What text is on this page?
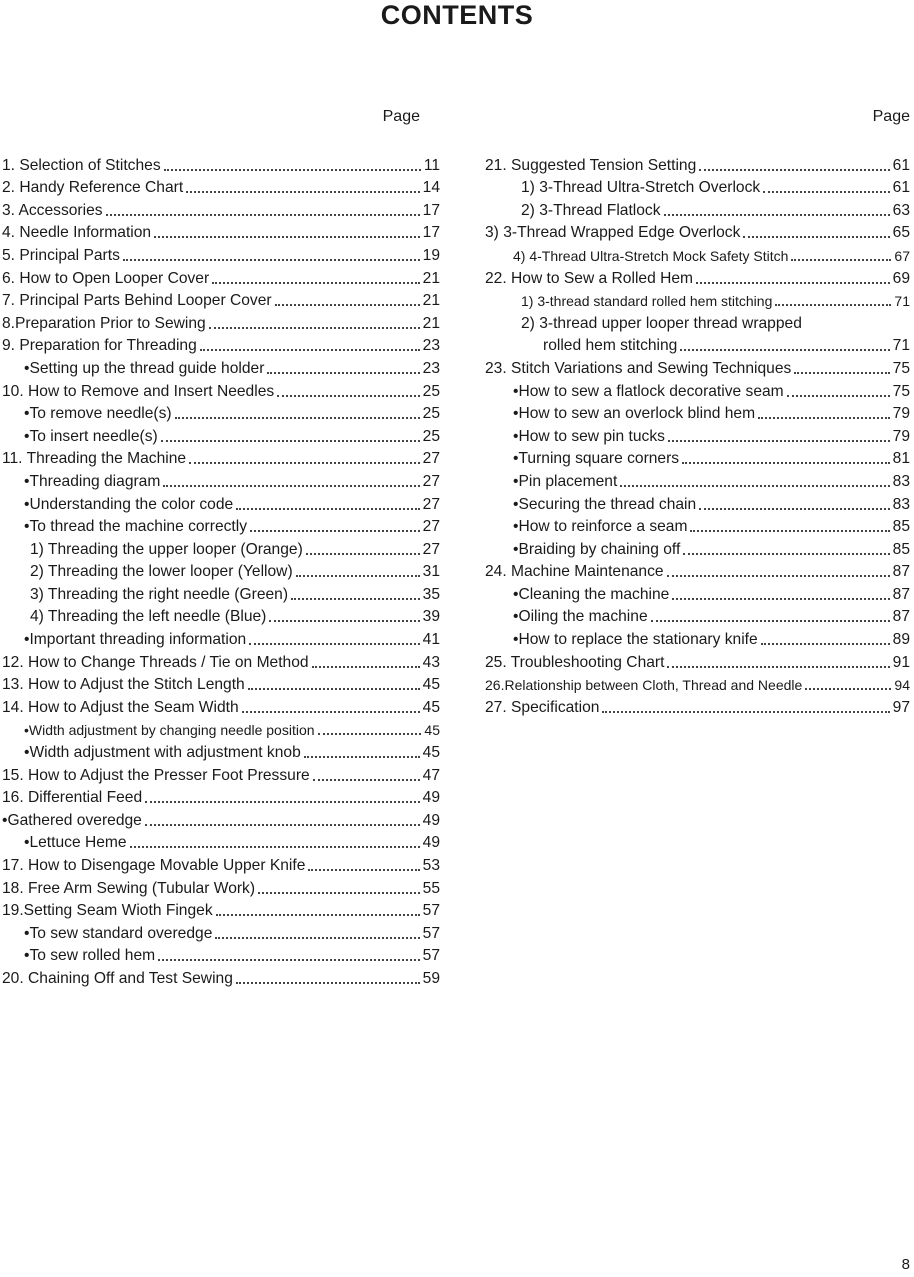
CONTENTS
Page
1. Selection of Stitches	11
2. Handy Reference Chart	14
3. Accessories	17
4. Needle Information	17
5. Principal Parts	19
6. How to Open Looper Cover	21
7. Principal Parts Behind Looper Cover	21
8.Preparation Prior to Sewing	21
9. Preparation for Threading	23
•Setting up the thread guide holder	23
10. How to Remove and Insert Needles	25
•To remove needle(s)	25
•To insert needle(s)	25
11. Threading the Machine	27
•Threading diagram	27
•Understanding the color code	27
•To thread the machine correctly	27
1) Threading the upper looper (Orange)	27
2) Threading the lower looper (Yellow)	31
3) Threading the right needle (Green)	35
4) Threading the left needle (Blue)	39
•Important threading information	41
12. How to Change Threads / Tie on Method	43
13. How to Adjust the Stitch Length	45
14. How to Adjust the Seam Width	45
•Width adjustment by changing needle position	45
•Width adjustment with adjustment knob	45
15. How to Adjust the Presser Foot Pressure	47
16. Differential Feed	49
•Gathered overedge	49
•Lettuce Heme	49
17. How to Disengage Movable Upper Knife	53
18. Free Arm Sewing (Tubular Work)	55
19.Setting Seam Wioth Fingek	57
•To sew standard overedge	57
•To sew rolled hem	57
20. Chaining Off and Test Sewing	59
Page
21. Suggested Tension Setting	61
1) 3-Thread Ultra-Stretch Overlock	61
2) 3-Thread Flatlock	63
3) 3-Thread Wrapped Edge Overlock	65
4) 4-Thread Ultra-Stretch Mock Safety Stitch	67
22. How to Sew a Rolled Hem	69
1) 3-thread standard rolled hem stitching	71
2) 3-thread upper looper thread wrapped
rolled hem stitching	71
23. Stitch Variations and Sewing Techniques	75
•How to sew a flatlock decorative seam	75
•How to sew an overlock blind hem	79
•How to sew pin tucks	79
•Turning square corners	81
•Pin placement	83
•Securing the thread chain	83
•How to reinforce a seam	85
•Braiding by chaining off	85
24. Machine Maintenance	87
•Cleaning the machine	87
•Oiling the machine	87
•How to replace the stationary knife	89
25. Troubleshooting Chart	91
26.Relationship between Cloth, Thread and Needle	94
27. Specification	97
8
